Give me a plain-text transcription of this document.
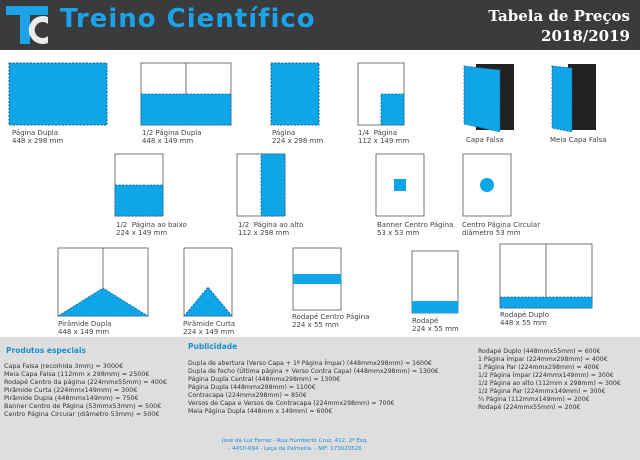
Treino Científico	Tabela de Preços
2018/2019
Página Dupla
448 x 298 mm
1/2 Página Dupla
448 x 149 mm
Página
224 x 298 mm
1/4  Página
112 x 149 mm	Capa Falsa	Meia Capa Falsa
1/2  Página ao baixo
224 x 149 mm
1/2  Página ao alto
112 x 298 mm
Banner Centro Página
53 x 53 mm
Centro Página Circular
diâmetro 53 mm
Pirâmide Dupla
448 x 149 mm
Pirâmide Curta
224 x 149 mm
Rodapé Centro Página
224 x 55 mm	Rodapé
224 x 55 mm
Rodapé Duplo
448 x 55 mm
Produtos especiais
Capa Falsa (recolhida 3mm) = 3000€
Meia Capa Falsa (112mm x 298mm) = 2500€
Rodapé Centro da página (224mmx55mm) = 400€
Pirâmide Curta (224mmx149mm) = 300€
Pirâmide Dupla (448mmx149mm) = 750€
Banner Centro de Página (53mmx53mm) = 500€
Centro Página Circular (diâmetro 53mm) = 500€
Publicidade
Dupla de abertura (Verso Capa + 1ª Página Ímpar) (448mmx298mm) = 1600€
Dupla de fecho (Última página + Verso Contra Capa) (448mmx298mm) = 1300€
Página Dupla Central (448mmx298mm) = 1300€
Página Dupla (448mmx298mm) = 1100€
Contracapa (224mmx298mm) = 850€
Versos de Capa e Versos de Contracapa (224mmx298mm) = 700€
Meia Página Dupla (448mm x 149mm) = 600€
Rodapé Duplo (448mmx55mm) = 600€
1 Página Ímpar (224mmx298mm) = 400€
1 Página Par (224mmx298mm) = 400€
1/2 Página Ímpar (224mmx149mm) = 300€
1/2 Página ao alto (112mm x 298mm) = 300€
1/2 Página Par (224mmx149mm) = 300€
¼ Página (112mmx149mm) = 200€
Rodapé (224mmx55mm) = 200€
José da Luz Ferraz - Rua Humberto Cruz, 412, 2º Esq.
- 4450-694 - Leça da Palmeira. - NIF: 173020526
